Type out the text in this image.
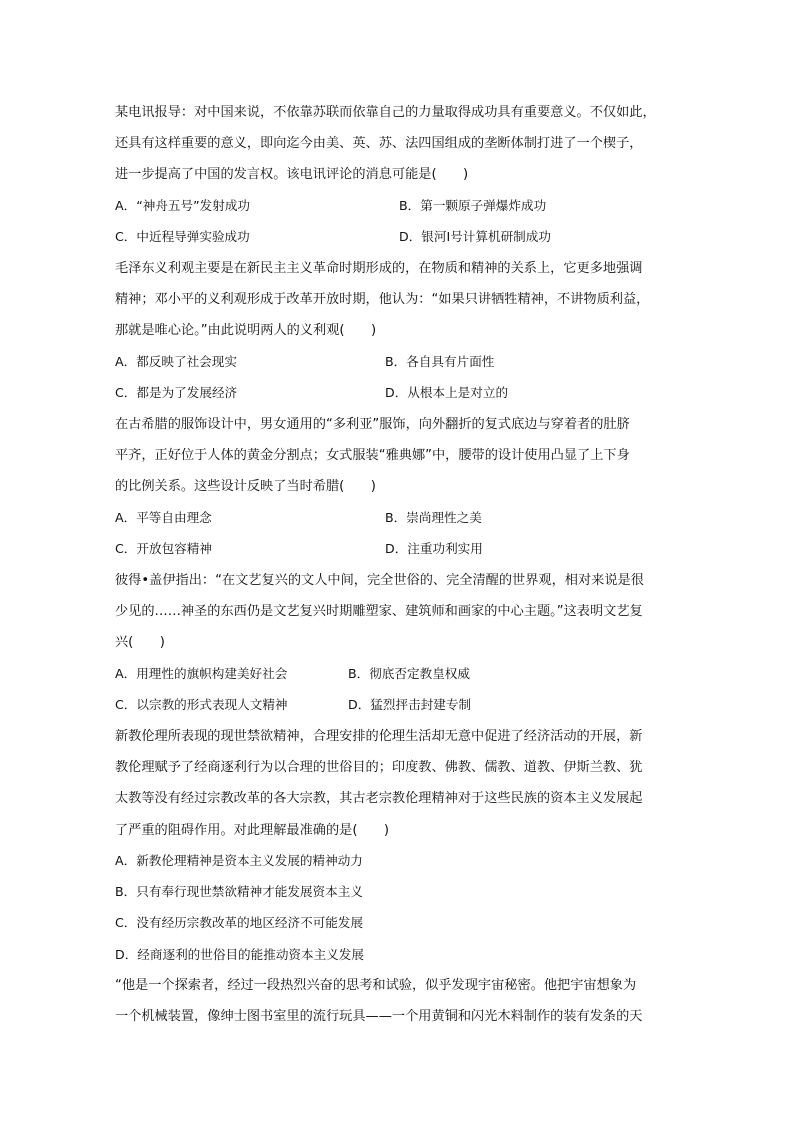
某电讯报导：对中国来说，不依靠苏联而依靠自己的力量取得成功具有重要意义。不仅如此，
还具有这样重要的意义，即向迄今由美、英、苏、法四国组成的垄断体制打进了一个楔子，
进一步提高了中国的发言权。该电讯评论的消息可能是(　　)
A．“神舟五号”发射成功	B．第一颗原子弹爆炸成功
C．中近程导弹实验成功	D．银河Ⅰ号计算机研制成功
毛泽东义利观主要是在新民主主义革命时期形成的，在物质和精神的关系上，它更多地强调
精神；邓小平的义利观形成于改革开放时期，他认为：“如果只讲牺牲精神，不讲物质利益，
那就是唯心论。”由此说明两人的义利观(　　)
A．都反映了社会现实	B．各自具有片面性
C．都是为了发展经济	D．从根本上是对立的
在古希腊的服饰设计中，男女通用的“多利亚”服饰，向外翻折的复式底边与穿着者的肚脐
平齐，正好位于人体的黄金分割点；女式服装“雅典娜”中，腰带的设计使用凸显了上下身
的比例关系。这些设计反映了当时希腊(　　)
A．平等自由理念	B．崇尚理性之美
C．开放包容精神	D．注重功利实用
彼得•盖伊指出：“在文艺复兴的文人中间，完全世俗的、完全清醒的世界观，相对来说是很
少见的……神圣的东西仍是文艺复兴时期雕塑家、建筑师和画家的中心主题。”这表明文艺复
兴(　　)
A．用理性的旗帜构建美好社会	B．彻底否定教皇权威
C．以宗教的形式表现人文精神	D．猛烈抨击封建专制
新教伦理所表现的现世禁欲精神，合理安排的伦理生活却无意中促进了经济活动的开展，新
教伦理赋予了经商逐利行为以合理的世俗目的；印度教、佛教、儒教、道教、伊斯兰教、犹
太教等没有经过宗教改革的各大宗教，其古老宗教伦理精神对于这些民族的资本主义发展起
了严重的阻碍作用。对此理解最准确的是(　　)
A．新教伦理精神是资本主义发展的精神动力
B．只有奉行现世禁欲精神才能发展资本主义
C．没有经历宗教改革的地区经济不可能发展
D．经商逐利的世俗目的能推动资本主义发展
“他是一个探索者，经过一段热烈兴奋的思考和试验，似乎发现宇宙秘密。他把宇宙想象为
一个机械装置，像绅士图书室里的流行玩具——一个用黄铜和闪光木料制作的装有发条的天
